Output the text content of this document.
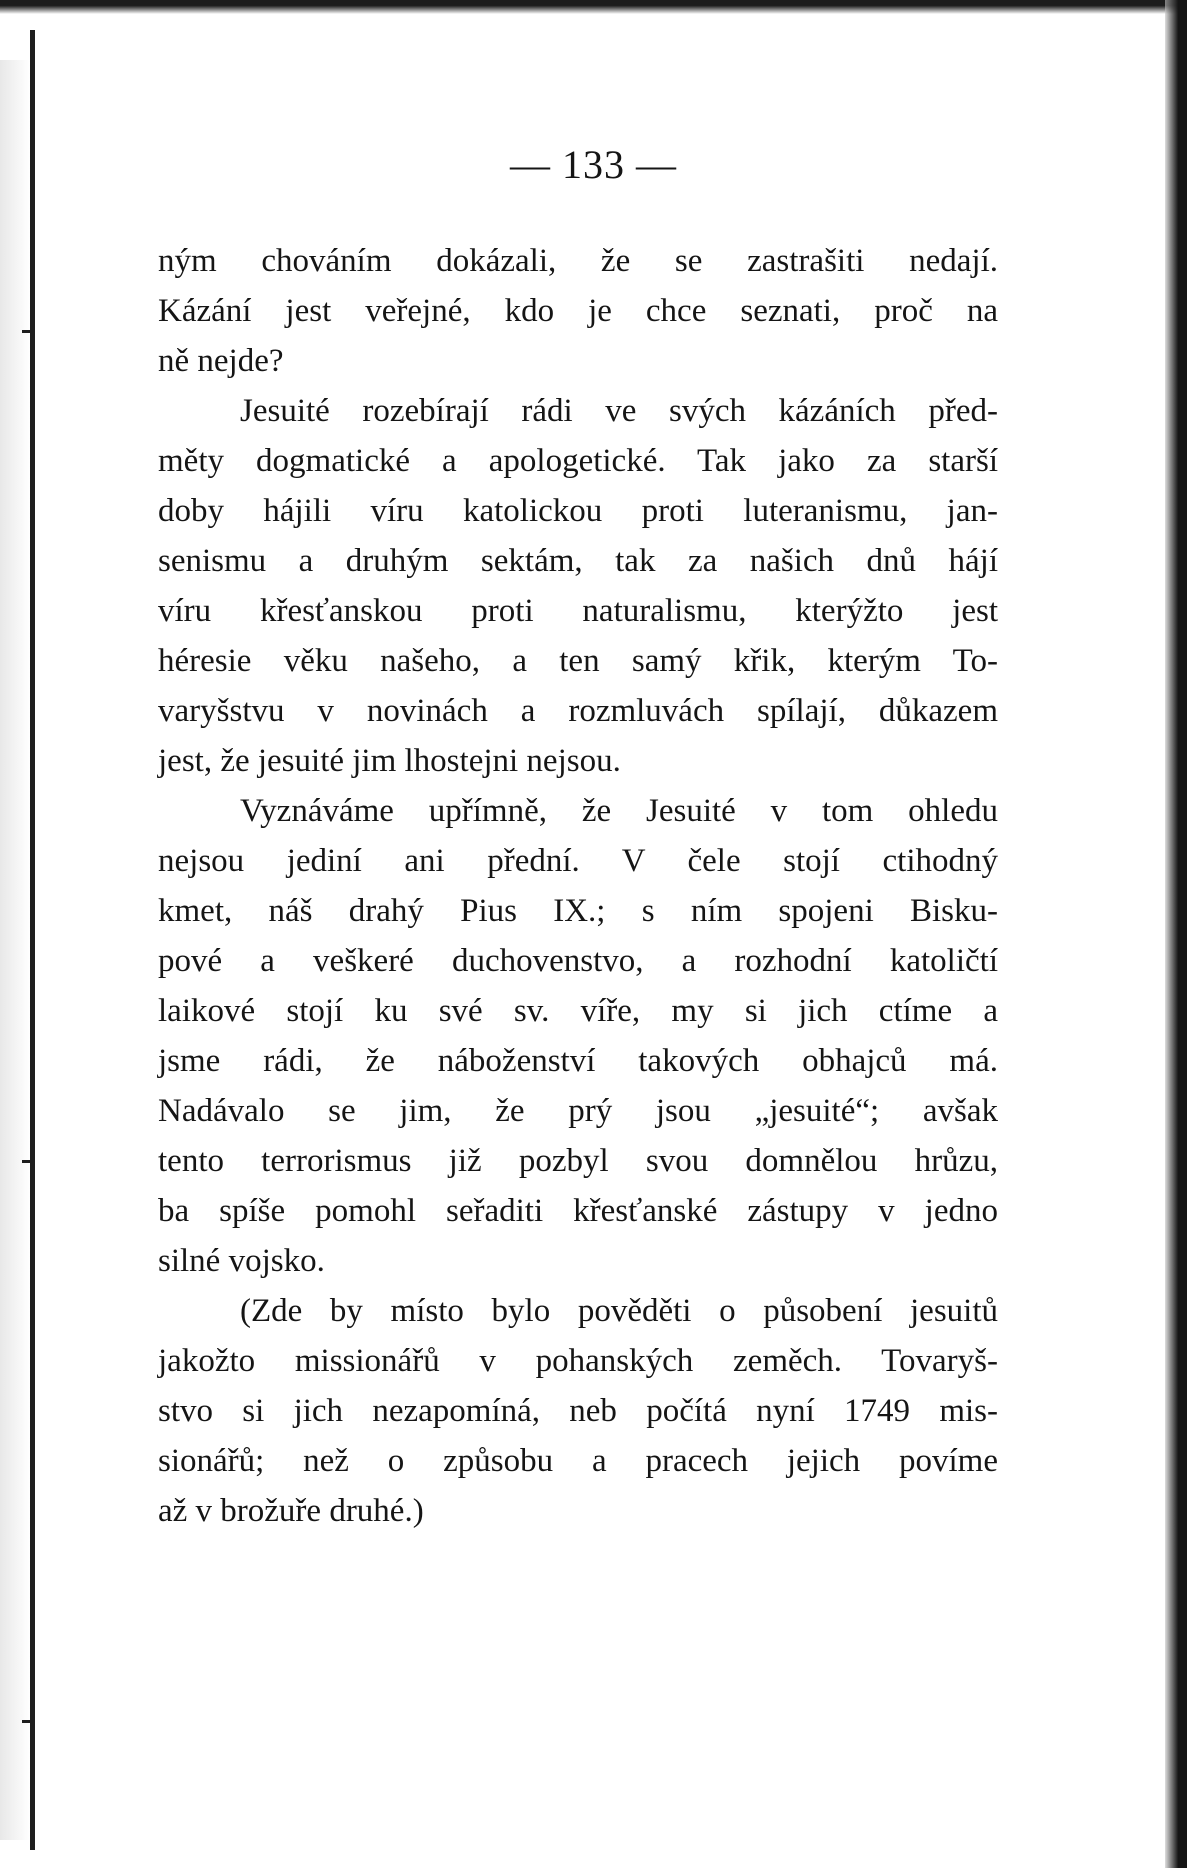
— 133 —
ným chováním dokázali, že se zastrašiti nedají.
Kázání jest veřejné, kdo je chce seznati, proč na
ně nejde?
Jesuité rozebírají rádi ve svých kázáních před-
měty dogmatické a apologetické. Tak jako za starší
doby hájili víru katolickou proti luteranismu, jan-
senismu a druhým sektám, tak za našich dnů hájí
víru křesťanskou proti naturalismu, kterýžto jest
héresie věku našeho, a ten samý křik, kterým To-
varyšstvu v novinách a rozmluvách spílají, důkazem
jest, že jesuité jim lhostejni nejsou.
Vyznáváme upřímně, že Jesuité v tom ohledu
nejsou jediní ani přední. V čele stojí ctihodný
kmet, náš drahý Pius IX.; s ním spojeni Bisku-
pové a veškeré duchovenstvo, a rozhodní katoličtí
laikové stojí ku své sv. víře, my si jich ctíme a
jsme rádi, že náboženství takových obhajců má.
Nadávalo se jim, že prý jsou „jesuité“; avšak
tento terrorismus již pozbyl svou domnělou hrůzu,
ba spíše pomohl seřaditi křesťanské zástupy v jedno
silné vojsko.
(Zde by místo bylo pověděti o působení jesuitů
jakožto missionářů v pohanských zeměch. Tovaryš-
stvo si jich nezapomíná, neb počítá nyní 1749 mis-
sionářů; než o způsobu a pracech jejich povíme
až v brožuře druhé.)
